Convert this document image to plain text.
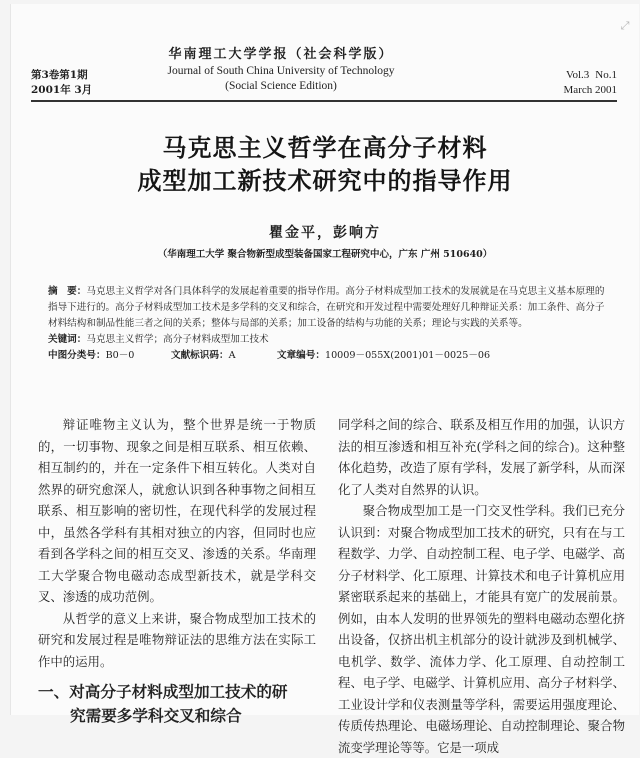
⤢
第3卷第1期
2001年 3月
华南理工大学学报（社会科学版）
Journal of South China University of Technology
(Social Science Edition)
Vol.3 No.1
March 2001
马克思主义哲学在高分子材料
成型加工新技术研究中的指导作用
瞿金平，彭响方
（华南理工大学 聚合物新型成型装备国家工程研究中心，广东 广州 510640）
摘　要：马克思主义哲学对各门具体科学的发展起着重要的指导作用。高分子材料成型加工技术的发展就是在马克思主义基本原理的指导下进行的。高分子材料成型加工技术是多学科的交叉和综合，在研究和开发过程中需要处理好几种辩证关系：加工条件、高分子材料结构和制品性能三者之间的关系；整体与局部的关系；加工设备的结构与功能的关系；理论与实践的关系等。
关键词：马克思主义哲学；高分子材料成型加工技术
中图分类号：B0－0	文献标识码：A	文章编号：10009－055X(2001)01－0025－06

辩证唯物主义认为，整个世界是统一于物质的，一切事物、现象之间是相互联系、相互依赖、相互制约的，并在一定条件下相互转化。人类对自然界的研究愈深人，就愈认识到各种事物之间相互联系、相互影响的密切性，在现代科学的发展过程中，虽然各学科有其相对独立的内容，但同时也应看到各学科之间的相互交叉、渗透的关系。华南理工大学聚合物电磁动态成型新技术，就是学科交叉、渗透的成功范例。

从哲学的意义上来讲，聚合物成型加工技术的研究和发展过程是唯物辩证法的思维方法在实际工作中的运用。

一、对高分子材料成型加工技术的研
究需要多学科交叉和综合

同学科之间的综合、联系及相互作用的加强，认识方法的相互渗透和相互补充(学科之间的综合)。这种整体化趋势，改造了原有学科，发展了新学科，从而深化了人类对自然界的认识。

聚合物成型加工是一门交叉性学科。我们已充分认识到：对聚合物成型加工技术的研究，只有在与工程数学、力学、自动控制工程、电子学、电磁学、高分子材料学、化工原理、计算技术和电子计算机应用紧密联系起来的基础上，才能具有宽广的发展前景。例如，由本人发明的世界领先的塑料电磁动态塑化挤出设备，仅挤出机主机部分的设计就涉及到机械学、电机学、数学、流体力学、化工原理、自动控制工程、电子学、电磁学、计算机应用、高分子材料学、工业设计学和仪表测量等学科，需要运用强度理论、传质传热理论、电磁场理论、自动控制理论、聚合物流变学理论等等。它是一项成
